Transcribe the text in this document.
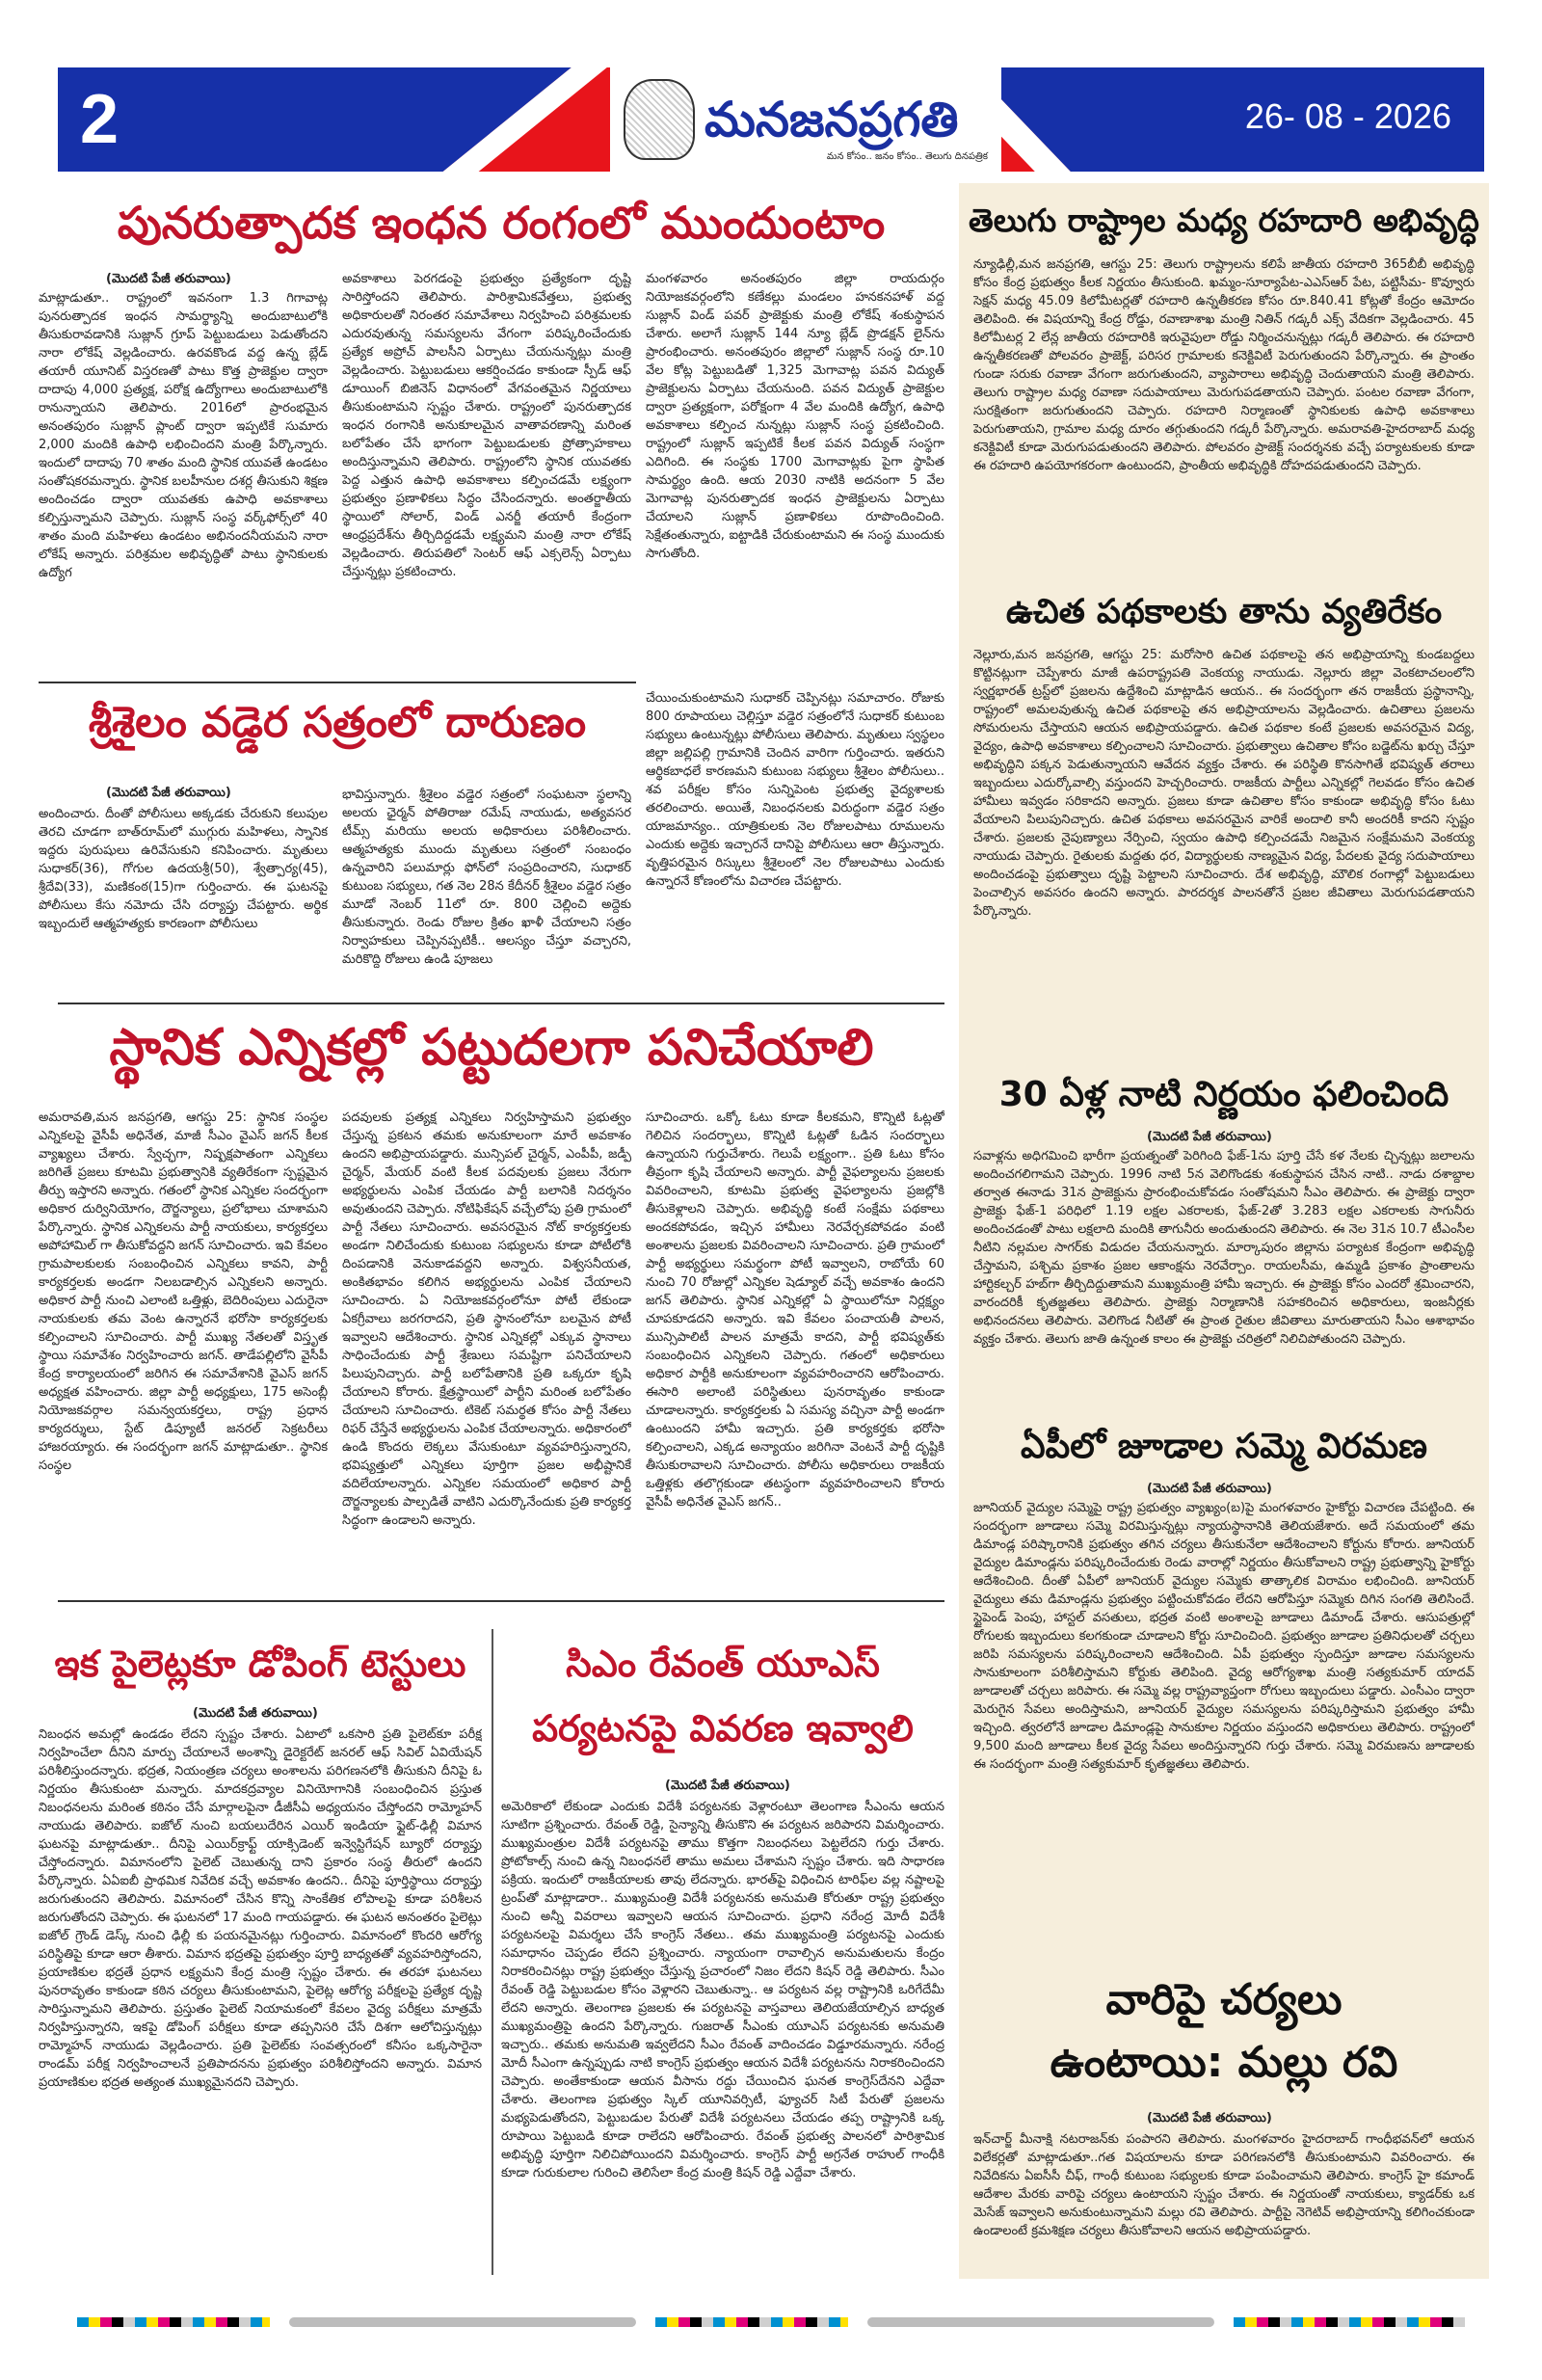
2	మనజనప్రగతి
మన కోసం.. జనం కోసం.. తెలుగు దినపత్రిక
26- 08 - 2026
పునరుత్పాదక ఇంధన రంగంలో ముందుంటాం
(మొదటి పేజీ తరువాయి)
మాట్లాడుతూ.. రాష్ట్రంలో ఇవనంగా 1.3 గిగావాట్ల పునరుత్పాదక ఇంధన సామర్థ్యాన్ని అందుబాటులోకి తీసుకురావడానికి సుజ్లాన్ గ్రూప్ పెట్టుబడులు పెడుతోందని నారా లోకేష్ వెల్లడించారు. ఉరవకొండ వద్ద ఉన్న బ్లేడ్ తయారీ యూనిట్ విస్తరణతో పాటు కొత్త ప్రాజెక్టుల ద్వారా దాదాపు 4,000 ప్రత్యక్ష, పరోక్ష ఉద్యోగాలు అందుబాటులోకి రానున్నాయని తెలిపారు. 2016లో ప్రారంభమైన అనంతపురం సుజ్లాన్ ప్లాంట్ ద్వారా ఇప్పటికే సుమారు 2,000 మందికి ఉపాధి లభించిందని మంత్రి పేర్కొన్నారు. ఇందులో దాదాపు 70 శాతం మంది స్థానిక యువతే ఉండటం సంతోషకరమన్నారు. స్థానిక బలహీనుల దశర్ల తీసుకుని శిక్షణ అందించడం ద్వారా యువతకు ఉపాధి అవకాశాలు కల్పిస్తున్నామని చెప్పారు. సుజ్లాన్ సంస్థ వర్క్‌ఫోర్స్‌లో 40 శాతం మంది మహిళలు ఉండటం అభినందనీయమని నారా లోకేష్ అన్నారు. పరిశ్రమల అభివృద్ధితో పాటు స్థానికులకు ఉద్యోగ
అవకాశాలు పెరగడంపై ప్రభుత్వం ప్రత్యేకంగా దృష్టి సారిస్తోందని తెలిపారు. పారిశ్రామికవేత్తలు, ప్రభుత్వ అధికారులతో నిరంతర సమావేశాలు నిర్వహించి పరిశ్రమలకు ఎదురవుతున్న సమస్యలను వేగంగా పరిష్కరించేందుకు ప్రత్యేక అప్రోచ్ పాలసీని ఏర్పాటు చేయనున్నట్లు మంత్రి వెల్లడించారు. పెట్టుబడులు ఆకర్షించడం కాకుండా స్పీడ్ ఆఫ్ డూయింగ్ బిజినెస్ విధానంలో వేగవంతమైన నిర్ణయాలు తీసుకుంటామని స్పష్టం చేశారు. రాష్ట్రంలో పునరుత్పాదక ఇంధన రంగానికి అనుకూలమైన వాతావరణాన్ని మరింత బలోపేతం చేసే భాగంగా పెట్టుబడులకు ప్రోత్సాహకాలు అందిస్తున్నామని తెలిపారు. రాష్ట్రంలోని స్థానిక యువతకు పెద్ద ఎత్తున ఉపాధి అవకాశాలు కల్పించడమే లక్ష్యంగా ప్రభుత్వం ప్రణాళికలు సిద్ధం చేసిందన్నారు. అంతర్జాతీయ స్థాయిలో సోలార్, విండ్ ఎనర్జీ తయారీ కేంద్రంగా ఆంధ్రప్రదేశ్‌ను తీర్చిదిద్దడమే లక్ష్యమని మంత్రి నారా లోకేష్ వెల్లడించారు. తిరుపతిలో సెంటర్ ఆఫ్ ఎక్సలెన్స్ ఏర్పాటు చేస్తున్నట్లు ప్రకటించారు.
మంగళవారం అనంతపురం జిల్లా రాయదుర్గం నియోజకవర్గంలోని కణేకల్లు మండలం హనకనహాళ్ వద్ద సుజ్లాన్ విండ్ పవర్ ప్రాజెక్టు‌కు మంత్రి లోకేష్ శంకుస్థాపన చేశారు. అలాగే సుజ్లాన్ 144 న్యూ బ్లేడ్ ప్రొడక్షన్ లైన్‌ను ప్రారంభించారు. అనంతపురం జిల్లాలో సుజ్లాన్ సంస్థ రూ.10 వేల కోట్ల పెట్టుబడితో 1,325 మెగావాట్ల పవన విద్యుత్ ప్రాజెక్టులను ఏర్పాటు చేయనుంది. పవన విద్యుత్ ప్రాజెక్టుల ద్వారా ప్రత్యక్షంగా, పరోక్షంగా 4 వేల మందికి ఉద్యోగ, ఉపాధి అవకాశాలు కల్పించ నున్నట్లు సుజ్లాన్ సంస్థ ప్రకటించింది. రాష్ట్రంలో సుజ్లాన్ ఇప్పటికే కీలక పవన విద్యుత్ సంస్థగా ఎదిగింది. ఈ సంస్థకు 1700 మెగావాట్లకు పైగా స్థాపిత సామర్థ్యం ఉంది. ఆయ 2030 నాటికి అదనంగా 5 వేల మెగావాట్ల పునరుత్పాదక ఇంధన ప్రాజెక్టులను ఏర్పాటు చేయాలని సుజ్లాన్ ప్రణాళికలు రూపొందించింది. సెక్షేతంతున్నారు, ఐట్టాడికి చేరుకుంటామని ఈ సంస్థ ముందుకు సాగుతోంది.
శ్రీశైలం వడ్డెర సత్రంలో దారుణం
(మొదటి పేజీ తరువాయి)
అందించారు. దీంతో పోలీసులు అక్కడకు చేరుకుని కలుపుల తెరచి చూడగా బాత్‌రూమ్‌లో ముగ్గురు మహిళలు, స్నానిక ఇద్దరు పురుషులు ఉరివేసుకుని కనిపించారు. మృతులు సుధాకర్(36), గోగుల ఉదయశ్రీ(50), శ్వేత్పార్య(45), శ్రీదేవి(33), మణికంఠ(15)గా గుర్తించారు. ఈ ఘటనపై పోలీసులు కేసు నమోదు చేసి దర్యాప్తు చేపట్టారు. అర్థిక ఇబ్బందులే ఆత్మహత్యకు కారణంగా పోలీసులు
భావిస్తున్నారు. శ్రీశైలం వడ్డెర సత్రంలో సంఘటనా స్థలాన్ని అలయ ఛైర్మన్ పోతిరాజు రమేష్ నాయుడు, అత్యవసర టీమ్స్ మరియు అలయ అధికారులు పరిశీలించారు. ఆత్మహత్యకు ముందు మృతులు సత్రంలో సంబంధం ఉన్నవారిని పలుమార్లు ఫోన్‌లో సంప్రదించారని, సుధాకర్ కుటుంబ సభ్యులు, గత నెల 28న కేదీనర్ శ్రీశైలం వడ్డెర సత్రం మూడో నెంబర్ 11లో రూ. 800 చెల్లించి అద్దెకు తీసుకున్నారు. రెండు రోజుల క్రితం ఖాళీ చేయాలని సత్రం నిర్వాహకులు చెప్పినప్పటికీ.. ఆలస్యం చేస్తూ వచ్చారని, మరికొద్ది రోజులు ఉండి పూజలు
చేయించుకుంటామని సుధాకర్ చెప్పినట్లు సమాచారం. రోజుకు 800 రూపాయలు చెల్లిస్తూ వడ్డెర సత్రంలోనే సుధాకర్ కుటుంబ సభ్యులు ఉంటున్నట్లు పోలీసులు తెలిపారు. మృతులు స్వస్థలం జిల్లా జల్లిపల్లి గ్రామానికి చెందిన వారిగా గుర్తించారు. ఇతరుని ఆర్థికబాధలే కారణమని కుటుంబ సభ్యులు శ్రీశైలం పోలీసులు.. శవ పరీక్షల కోసం సున్నిపెంట ప్రభుత్వ వైద్యశాలకు తరలించారు. అయితే, నిబంధనలకు విరుద్ధంగా వడ్డెర సత్రం యాజమాన్యం.. యాత్రికులకు నెల రోజులపాటు రూములను ఎందుకు అద్దెకు ఇచ్చారనే దానిపై పోలీసులు ఆరా తీస్తున్నారు. వృత్తిపరమైన రిస్కులు శ్రీశైలంలో నెల రోజులపాటు ఎందుకు ఉన్నారనే కోణంలోను విచారణ చేపట్టారు.
స్థానిక ఎన్నికల్లో పట్టుదలగా పనిచేయాలి
అమరావతి,మన జనప్రగతి, ఆగస్టు 25: స్థానిక సంస్థల ఎన్నికలపై వైసీపీ అధినేత, మాజీ సీఎం వైఎస్ జగన్ కీలక వ్యాఖ్యలు చేశారు. స్వేచ్ఛగా, నిష్పక్షపాతంగా ఎన్నికలు జరిగితే ప్రజలు కూటమి ప్రభుత్వానికి వ్యతిరేకంగా స్పష్టమైన తీర్పు ఇస్తారని అన్నారు. గతంలో స్థానిక ఎన్నికల సందర్భంగా అధికార దుర్వినియోగం, దౌర్జన్యాలు, ప్రలోభాలు చూశామని పేర్కొన్నారు. స్థానిక ఎన్నికలను పార్టీ నాయకులు, కార్యకర్తలు అపోహామిల్ గా తీసుకోవద్దని జగన్ సూచించారు. ఇవి కేవలం గ్రామపాలకులకు సంబంధించిన ఎన్నికలు కావని, పార్టీ కార్యకర్తలకు అండగా నిలబడాల్సిన ఎన్నికలని అన్నారు. అధికార పార్టీ నుంచి ఎలాంటి ఒత్తిళ్లు, బెదిరింపులు ఎదురైనా నాయకులకు తమ వెంట ఉన్నారనే భరోసా కార్యకర్తలకు కల్పించాలని సూచించారు. పార్టీ ముఖ్య నేతలతో విస్తృత స్థాయి సమావేశం నిర్వహించారు జగన్. తాడేపల్లిలోని వైసీపీ కేంద్ర కార్యాలయంలో జరిగిన ఈ సమావేశానికి వైఎస్ జగన్ అధ్యక్షత వహించారు. జిల్లా పార్టీ అధ్యక్షులు, 175 అసెంబ్లీ నియోజకవర్గాల సమన్వయకర్తలు, రాష్ట్ర ప్రధాన కార్యదర్శులు, స్టేట్ డిప్యూటీ జనరల్ సెక్రటరీలు హాజరయ్యారు. ఈ సందర్భంగా జగన్ మాట్లాడుతూ.. స్థానిక సంస్థల
పదవులకు ప్రత్యక్ష ఎన్నికలు నిర్వహిస్తామని ప్రభుత్వం చేస్తున్న ప్రకటన తమకు అనుకూలంగా మారే అవకాశం ఉందని అభిప్రాయపడ్డారు. మున్సిపల్ చైర్మన్, ఎంపీపీ, జడ్పీ చైర్మన్, మేయర్ వంటి కీలక పదవులకు ప్రజలు నేరుగా అభ్యర్థులను ఎంపిక చేయడం పార్టీ బలానికి నిదర్శనం అవుతుందని చెప్పారు. నోటిఫికేషన్ వచ్చేలోపు ప్రతి గ్రామంలో పార్టీ నేతలు సూచించారు. అవసరమైన నోట్ కార్యకర్తలకు అండగా నిలిచేందుకు కుటుంబ సభ్యులను కూడా పోటీలోకి దింపడానికి వెనుకాడవద్దని అన్నారు. విశ్వసనీయత, అంకితభావం కలిగిన అభ్యర్థులను ఎంపిక చేయాలని సూచించారు. ఏ నియోజకవర్గంలోనూ పోటీ లేకుండా ఏకగ్రీవాలు జరగరాదని, ప్రతి స్థానంలోనూ బలమైన పోటీ ఇవ్వాలని ఆదేశించారు. స్థానిక ఎన్నికల్లో ఎక్కువ స్థానాలు సాధించేందుకు పార్టీ శ్రేణులు సమష్టిగా పనిచేయాలని పిలుపునిచ్చారు. పార్టీ బలోపేతానికి ప్రతి ఒక్కరూ కృషి చేయాలని కోరారు. క్షేత్రస్థాయిలో పార్టీని మరింత బలోపేతం చేయాలని సూచించారు. టికెట్ సమర్థత కోసం పార్టీ నేతలు రిఫర్ చేస్తేనే అభ్యర్థులను ఎంపిక చేయాలన్నారు. అధికారంలో ఉండి కొందరు లెక్కలు వేసుకుంటూ వ్యవహరిస్తున్నారని, భవిష్యత్తులో ఎన్నికలు పూర్తిగా ప్రజల అభీష్టానికే వదిలేయాలన్నారు. ఎన్నికల సమయంలో అధికార పార్టీ దౌర్జన్యాలకు పాల్పడితే వాటిని ఎదుర్కొనేందుకు ప్రతి కార్యకర్త సిద్ధంగా ఉండాలని అన్నారు.
సూచించారు. ఒక్కో ఓటు కూడా కీలకమని, కొన్నిటి ఓట్లతో గెలిచిన సందర్భాలు, కొన్నిటి ఓట్లతో ఓడిన సందర్భాలు ఉన్నాయని గుర్తుచేశారు. గెలుపే లక్ష్యంగా.. ప్రతి ఓటు కోసం తీవ్రంగా కృషి చేయాలని అన్నారు. పార్టీ వైఫల్యాలను ప్రజలకు వివరించాలని, కూటమి ప్రభుత్వ వైఫల్యాలను ప్రజల్లోకి తీసుకెళ్లాలని చెప్పారు. అభివృద్ధి కంటే సంక్షేమ పథకాలు అందకపోవడం, ఇచ్చిన హామీలు నెరవేర్చకపోవడం వంటి అంశాలను ప్రజలకు వివరించాలని సూచించారు. ప్రతి గ్రామంలో పార్టీ అభ్యర్థులు సమర్థంగా పోటీ ఇవ్వాలని, రాబోయే 60 నుంచి 70 రోజుల్లో ఎన్నికల షెడ్యూల్ వచ్చే అవకాశం ఉందని జగన్ తెలిపారు. స్థానిక ఎన్నికల్లో ఏ స్థాయిలోనూ నిర్లక్ష్యం చూపకూడదని అన్నారు. ఇవి కేవలం పంచాయతీ పాలన, మున్సిపాలిటీ పాలన మాత్రమే కాదని, పార్టీ భవిష్యత్‌కు సంబంధించిన ఎన్నికలని చెప్పారు. గతంలో అధికారులు అధికార పార్టీకి అనుకూలంగా వ్యవహరించారని ఆరోపించారు. ఈసారి అలాంటి పరిస్థితులు పునరావృతం కాకుండా చూడాలన్నారు. కార్యకర్తలకు ఏ సమస్య వచ్చినా పార్టీ అండగా ఉంటుందని హామీ ఇచ్చారు. ప్రతి కార్యకర్తకు భరోసా కల్పించాలని, ఎక్కడ అన్యాయం జరిగినా వెంటనే పార్టీ దృష్టికి తీసుకురావాలని సూచించారు. పోలీసు అధికారులు రాజకీయ ఒత్తిళ్లకు తలొగ్గకుండా తటస్థంగా వ్యవహరించాలని కోరారు వైసీపీ అధినేత వైఎస్ జగన్..
ఇక పైలెట్లకూ డోపింగ్ టెస్టులు
(మొదటి పేజీ తరువాయి)
నిబంధన అమల్లో ఉండడం లేదని స్పష్టం చేశారు. ఏటాలో ఒకసారి ప్రతి పైలెట్‌కూ పరీక్ష నిర్వహించేలా దీనిని మార్పు చేయాలనే అంశాన్ని డైరెక్టరేట్ జనరల్ ఆఫ్ సివిల్ ఏవియేషన్ పరిశీలిస్తుందన్నారు. భద్రత, నియంత్రణ చర్యలు అంశాలను పరిగణనలోకి తీసుకుని దీనిపై ఓ నిర్ణయం తీసుకుంటా మన్నారు. మాదకద్రవ్యాల వినియోగానికి సంబంధించిన ప్రస్తుత నిబంధనలను మరింత కఠినం చేసే మార్గాలపైనా డీజీసీఏ అధ్యయనం చేస్తోందని రామ్మోహన్ నాయుడు తెలిపారు. ఐజోల్ నుంచి బయలుదేరిన ఎయిర్ ఇండియా ఫ్లైట్-ఢిల్లీ విమాన ఘటనపై మాట్లాడుతూ.. దీనిపై ఎయిర్‌క్రాఫ్ట్ యాక్సిడెంట్ ఇన్వెస్టిగేషన్ బ్యూరో దర్యాప్తు చేస్తోందన్నారు. విమానంలోని పైలెట్ చెబుతున్న దాని ప్రకారం సంస్థ తీరులో ఉందని పేర్కొన్నారు. ఏఏఐబీ ప్రాథమిక నివేదిక వచ్చే అవకాశం ఉందని.. దీనిపై పూర్తిస్థాయి దర్యాప్తు జరుగుతుందని తెలిపారు. విమానంలో చేసిన కొన్ని సాంకేతిక లోపాలపై కూడా పరిశీలన జరుగుతోందని చెప్పారు. ఈ ఘటనలో 17 మంది గాయపడ్డారు. ఈ ఘటన అనంతరం పైలెట్లు ఐజోల్ గ్రౌండ్ డెస్క్‌ నుంచి ఢిల్లీ కు పయనమైనట్లు గుర్తించారు. విమానంలో కొందరి ఆరోగ్య పరిస్థితిపై కూడా ఆరా తీశారు. విమాన భద్రతపై ప్రభుత్వం పూర్తి బాధ్యతతో వ్యవహరిస్తోందని, ప్రయాణికుల భద్రతే ప్రధాన లక్ష్యమని కేంద్ర మంత్రి స్పష్టం చేశారు. ఈ తరహా ఘటనలు పునరావృతం కాకుండా కఠిన చర్యలు తీసుకుంటామని, పైలెట్ల ఆరోగ్య పరీక్షలపై ప్రత్యేక దృష్టి సారిస్తున్నామని తెలిపారు. ప్రస్తుతం పైలెట్ నియామకంలో కేవలం వైద్య పరీక్షలు మాత్రమే నిర్వహిస్తున్నారని, ఇకపై డోపింగ్ పరీక్షలు కూడా తప్పనిసరి చేసే దిశగా ఆలోచిస్తున్నట్లు రామ్మోహన్ నాయుడు వెల్లడించారు. ప్రతి పైలెట్‌కు సంవత్సరంలో కనీసం ఒక్కసారైనా రాండమ్ పరీక్ష నిర్వహించాలనే ప్రతిపాదనను ప్రభుత్వం పరిశీలిస్తోందని అన్నారు. విమాన ప్రయాణికుల భద్రత అత్యంత ముఖ్యమైనదని చెప్పారు.
సిఎం రేవంత్ యూఎస్
పర్యటనపై వివరణ ఇవ్వాలి
(మొదటి పేజీ తరువాయి)
అమెరికాలో లేకుండా ఎందుకు విదేశీ పర్యటనకు వెళ్లారంటూ తెలంగాణ సీఎంను ఆయన సూటిగా ప్రశ్నించారు. రేవంత్ రెడ్డి, సైన్యాన్ని తీసుకొని ఈ పర్యటన జరిపారని విమర్శించారు. ముఖ్యమంత్రుల విదేశీ పర్యటనపై తాము కొత్తగా నిబంధనలు పెట్టలేదని గుర్తు చేశారు. ప్రోటోకాల్స్ నుంచి ఉన్న నిబంధనలే తాము అమలు చేశామని స్పష్టం చేశారు. ఇది సాధారణ పక్రియ. ఇందులో రాజకీయాలకు తావు లేదన్నారు. భారత్‌పై విధించిన టారిఫ్‌ల వల్ల నష్టాలపై ట్రంప్‌తో మాట్లాడారా.. ముఖ్యమంత్రి విదేశీ పర్యటనకు అనుమతి కోరుతూ రాష్ట్ర ప్రభుత్వం నుంచి అన్నీ వివరాలు ఇవ్వాలని ఆయన సూచించారు. ప్రధాని నరేంద్ర మోదీ విదేశీ పర్యటనలపై విమర్శలు చేసే కాంగ్రెస్ నేతలు.. తమ ముఖ్యమంత్రి పర్యటనపై ఎందుకు సమాధానం చెప్పడం లేదని ప్రశ్నించారు. న్యాయంగా రావాల్సిన అనుమతులను కేంద్రం నిరాకరించినట్లు రాష్ట్ర ప్రభుత్వం చేస్తున్న ప్రచారంలో నిజం లేదని కిషన్ రెడ్డి తెలిపారు. సీఎం రేవంత్ రెడ్డి పెట్టుబడుల కోసం వెళ్లారని చెబుతున్నా.. ఆ పర్యటన వల్ల రాష్ట్రానికి ఒరిగేదేమీ లేదని అన్నారు. తెలంగాణ ప్రజలకు ఈ పర్యటనపై వాస్తవాలు తెలియజేయాల్సిన బాధ్యత ముఖ్యమంత్రిపై ఉందని పేర్కొన్నారు. గుజరాత్ సీఎంకు యూఎస్ పర్యటనకు అనుమతి ఇచ్చారు.. తమకు అనుమతి ఇవ్వలేదని సీఎం రేవంత్ వాదించడం విడ్డూరమన్నారు. నరేంద్ర మోదీ సీఎంగా ఉన్నప్పుడు నాటి కాంగ్రెస్ ప్రభుత్వం ఆయన విదేశీ పర్యటనను నిరాకరించిందని చెప్పారు. అంతేకాకుండా ఆయన వీసాను రద్దు చేయించిన ఘనత కాంగ్రెస్‌దేనని ఎద్దేవా చేశారు. తెలంగాణ ప్రభుత్వం స్కిల్ యూనివర్సిటీ, ఫ్యూచర్ సిటీ పేరుతో ప్రజలను మభ్యపెడుతోందని, పెట్టుబడుల పేరుతో విదేశీ పర్యటనలు చేయడం తప్ప రాష్ట్రానికి ఒక్క రూపాయి పెట్టుబడి కూడా రాలేదని ఆరోపించారు. రేవంత్ ప్రభుత్వ పాలనలో పారిశ్రామిక అభివృద్ధి పూర్తిగా నిలిచిపోయిందని విమర్శించారు. కాంగ్రెస్ పార్టీ అగ్రనేత రాహుల్ గాంధీకి కూడా గురుకులాల గురించి తెలిసేలా కేంద్ర మంత్రి కిషన్ రెడ్డి ఎద్దేవా చేశారు.
తెలుగు రాష్ట్రాల మధ్య రహదారి అభివృద్ధి
న్యూఢిల్లీ,మన జనప్రగతి, ఆగస్టు 25: తెలుగు రాష్ట్రాలను కలిపే జాతీయ రహదారి 365బీబీ అభివృద్ధి కోసం కేంద్ర ప్రభుత్వం కీలక నిర్ణయం తీసుకుంది. ఖమ్మం-సూర్యాపేట-ఎఎస్‌ఆర్ పేట, పట్టిసీమ- కొవ్వూరు సెక్షన్ మధ్య 45.09 కిలోమీటర్లతో రహదారి ఉన్నతీకరణ కోసం రూ.840.41 కోట్లతో కేంద్రం ఆమోదం తెలిపింది. ఈ విషయాన్ని కేంద్ర రోడ్డు, రవాణాశాఖ మంత్రి నితిన్ గడ్కరీ ఎక్స్ వేదికగా వెల్లడించారు. 45 కిలోమీటర్ల 2 లేన్ల జాతీయ రహదారికి ఇరువైపులా రోడ్డు నిర్మించనున్నట్లు గడ్కరీ తెలిపారు. ఈ రహదారి ఉన్నతీకరణతో పోలవరం ప్రాజెక్ట్, పరిసర గ్రామాలకు కనెక్టివిటీ పెరుగుతుందని పేర్కొన్నారు. ఈ ప్రాంతం గుండా సరుకు రవాణా వేగంగా జరుగుతుందని, వ్యాపారాలు అభివృద్ధి చెందుతాయని మంత్రి తెలిపారు. తెలుగు రాష్ట్రాల మధ్య రవాణా సదుపాయాలు మెరుగుపడతాయని చెప్పారు. పంటల రవాణా వేగంగా, సురక్షితంగా జరుగుతుందని చెప్పారు. రహదారి నిర్మాణంతో స్థానికులకు ఉపాధి అవకాశాలు పెరుగుతాయని, గ్రామాల మధ్య దూరం తగ్గుతుందని గడ్కరీ పేర్కొన్నారు. అమరావతి-హైదరాబాద్ మధ్య కనెక్టివిటీ కూడా మెరుగుపడుతుందని తెలిపారు. పోలవరం ప్రాజెక్ట్ సందర్శనకు వచ్చే పర్యాటకులకు కూడా ఈ రహదారి ఉపయోగకరంగా ఉంటుందని, ప్రాంతీయ అభివృద్ధికి దోహదపడుతుందని చెప్పారు.
ఉచిత పథకాలకు తాను వ్యతిరేకం
నెల్లూరు,మన జనప్రగతి, ఆగస్టు 25: మరోసారి ఉచిత పథకాలపై తన అభిప్రాయాన్ని కుండబద్దలు కొట్టినట్లుగా చెప్పేశారు మాజీ ఉపరాష్ట్రపతి వెంకయ్య నాయుడు. నెల్లూరు జిల్లా వెంకటాచలంలోని స్వర్ణభారత్ ట్రస్ట్‌లో ప్రజలను ఉద్దేశించి మాట్లాడిన ఆయన.. ఈ సందర్భంగా తన రాజకీయ ప్రస్థానాన్ని, రాష్ట్రంలో అమలవుతున్న ఉచిత పథకాలపై తన అభిప్రాయాలను వెల్లడించారు. ఉచితాలు ప్రజలను సోమరులను చేస్తాయని ఆయన అభిప్రాయపడ్డారు. ఉచిత పథకాల కంటే ప్రజలకు అవసరమైన విద్య, వైద్యం, ఉపాధి అవకాశాలు కల్పించాలని సూచించారు. ప్రభుత్వాలు ఉచితాల కోసం బడ్జెట్‌ను ఖర్చు చేస్తూ అభివృద్ధిని పక్కన పెడుతున్నాయని ఆవేదన వ్యక్తం చేశారు. ఈ పరిస్థితి కొనసాగితే భవిష్యత్ తరాలు ఇబ్బందులు ఎదుర్కోవాల్సి వస్తుందని హెచ్చరించారు. రాజకీయ పార్టీలు ఎన్నికల్లో గెలవడం కోసం ఉచిత హామీలు ఇవ్వడం సరికాదని అన్నారు. ప్రజలు కూడా ఉచితాల కోసం కాకుండా అభివృద్ధి కోసం ఓటు వేయాలని పిలుపునిచ్చారు. ఉచిత పథకాలు అవసరమైన వారికే అందాలి కానీ అందరికీ కాదని స్పష్టం చేశారు. ప్రజలకు నైపుణ్యాలు నేర్పించి, స్వయం ఉపాధి కల్పించడమే నిజమైన సంక్షేమమని వెంకయ్య నాయుడు చెప్పారు. రైతులకు మద్దతు ధర, విద్యార్థులకు నాణ్యమైన విద్య, పేదలకు వైద్య సదుపాయాలు అందించడంపై ప్రభుత్వాలు దృష్టి పెట్టాలని సూచించారు. దేశ అభివృద్ధి, మౌలిక రంగాల్లో పెట్టుబడులు పెంచాల్సిన అవసరం ఉందని అన్నారు. పారదర్శక పాలనతోనే ప్రజల జీవితాలు మెరుగుపడతాయని పేర్కొన్నారు.
30 ఏళ్ల నాటి నిర్ణయం ఫలించింది
(మొదటి పేజీ తరువాయి)
సవాళ్లను అధిగమించి భారీగా ప్రయత్నంతో పెరిగింది ఫేజ్-1ను పూర్తి చేసే కళ నేలకు చ్చిన్నట్లు జలాలను అందించగలిగామని చెప్పారు. 1996 నాటి 5న వెలిగొండకు శంకుస్థాపన చేసిన నాటి.. నాడు దశాబ్దాల తర్వాత ఈనాడు 31న ప్రాజెక్టును ప్రారంభించుకోవడం సంతోషమని సీఎం తెలిపారు. ఈ ప్రాజెక్టు ద్వారా ప్రాజెక్టు ఫేజ్-1 పరిధిలో 1.19 లక్షల ఎకరాలకు, ఫేజ్-2తో 3.283 లక్షల ఎకరాలకు సాగునీరు అందించడంతో పాటు లక్షలాది మందికి తాగునీరు అందుతుందని తెలిపారు. ఈ నెల 31న 10.7 టీఎంసీల నీటిని నల్లమల సాగర్‌కు విడుదల చేయనున్నారు. మార్కాపురం జిల్లాను పర్యాటక కేంద్రంగా అభివృద్ధి చేస్తామని, పశ్చిమ ప్రకాశం ప్రజల ఆకాంక్షను నెరవేర్చాం. రాయలసీమ, ఉమ్మడి ప్రకాశం ప్రాంతాలను హార్టికల్చర్ హబ్‌గా తీర్చిదిద్దుతామని ముఖ్యమంత్రి హామీ ఇచ్చారు. ఈ ప్రాజెక్టు కోసం ఎందరో శ్రమించారని, వారందరికీ కృతజ్ఞతలు తెలిపారు. ప్రాజెక్టు నిర్మాణానికి సహకరించిన అధికారులు, ఇంజనీర్లకు అభినందనలు తెలిపారు. వెలిగొండ నీటితో ఈ ప్రాంత రైతుల జీవితాలు మారుతాయని సీఎం ఆశాభావం వ్యక్తం చేశారు. తెలుగు జాతి ఉన్నంత కాలం ఈ ప్రాజెక్టు చరిత్రలో నిలిచిపోతుందని చెప్పారు.
ఏపీలో జూడాల సమ్మె విరమణ
(మొదటి పేజీ తరువాయి)
జూనియర్ వైద్యుల సమ్మెపై రాష్ట్ర ప్రభుత్వం వ్యాఖ్యం(బ)పై మంగళవారం హైకోర్టు విచారణ చేపట్టింది. ఈ సందర్భంగా జూడాలు సమ్మె విరమిస్తున్నట్లు న్యాయస్థానానికి తెలియజేశారు. అదే సమయంలో తమ డిమాండ్ల పరిష్కారానికి ప్రభుత్వం తగిన చర్యలు తీసుకునేలా ఆదేశించాలని కోర్టును కోరారు. జూనియర్ వైద్యుల డిమాండ్లను పరిష్కరించేందుకు రెండు వారాల్లో నిర్ణయం తీసుకోవాలని రాష్ట్ర ప్రభుత్వాన్ని హైకోర్టు ఆదేశించింది. దీంతో ఏపీలో జూనియర్ వైద్యుల సమ్మెకు తాత్కాలిక విరామం లభించింది. జూనియర్ వైద్యులు తమ డిమాండ్లను ప్రభుత్వం పట్టించుకోవడం లేదని ఆరోపిస్తూ సమ్మెకు దిగిన సంగతి తెలిసిందే. స్టైపెండ్ పెంపు, హాస్టల్ వసతులు, భద్రత వంటి అంశాలపై జూడాలు డిమాండ్ చేశారు. ఆసుపత్రుల్లో రోగులకు ఇబ్బందులు కలగకుండా చూడాలని కోర్టు సూచించింది. ప్రభుత్వం జూడాల ప్రతినిధులతో చర్చలు జరిపి సమస్యలను పరిష్కరించాలని ఆదేశించింది. ఏపీ ప్రభుత్వం స్పందిస్తూ జూడాల సమస్యలను సానుకూలంగా పరిశీలిస్తామని కోర్టుకు తెలిపింది. వైద్య ఆరోగ్యశాఖ మంత్రి సత్యకుమార్ యాదవ్ జూడాలతో చర్చలు జరిపారు. ఈ సమ్మె వల్ల రాష్ట్రవ్యాప్తంగా రోగులు ఇబ్బందులు పడ్డారు. ఎంసీఎం ద్వారా మెరుగైన సేవలు అందిస్తామని, జూనియర్ వైద్యుల సమస్యలను పరిష్కరిస్తామని ప్రభుత్వం హామీ ఇచ్చింది. త్వరలోనే జూడాల డిమాండ్లపై సానుకూల నిర్ణయం వస్తుందని అధికారులు తెలిపారు. రాష్ట్రంలో 9,500 మంది జూడాలు కీలక వైద్య సేవలు అందిస్తున్నారని గుర్తు చేశారు. సమ్మె విరమణను జూడాలకు ఈ సందర్భంగా మంత్రి సత్యకుమార్ కృతజ్ఞతలు తెలిపారు.
వారిపై చర్యలు
ఉంటాయి: మల్లు రవి
(మొదటి పేజీ తరువాయి)
ఇన్‌చార్జ్ మీనాక్షి నటరాజన్‌కు పంపారని తెలిపారు. మంగళవారం హైదరాబాద్ గాంధీభవన్‌లో ఆయన విలేకర్లతో మాట్లాడుతూ..గత విషయాలను కూడా పరిగణనలోకి తీసుకుంటామని వివరించారు. ఈ నివేదికను ఏఐసీసీ చీఫ్, గాంధీ కుటుంబ సభ్యులకు కూడా పంపించామని తెలిపారు. కాంగ్రెస్ హై కమాండ్ ఆదేశాల మేరకు వారిపై చర్యలు ఉంటాయని స్పష్టం చేశారు. ఈ నిర్ణయంతో నాయకులు, క్యాడర్‌కు ఒక మెసేజ్ ఇవ్వాలని అనుకుంటున్నామని మల్లు రవి తెలిపారు. పార్టీపై నెగెటివ్ అభిప్రాయాన్ని కలిగించకుండా ఉండాలంటే క్రమశిక్షణ చర్యలు తీసుకోవాలని ఆయన అభిప్రాయపడ్డారు.
